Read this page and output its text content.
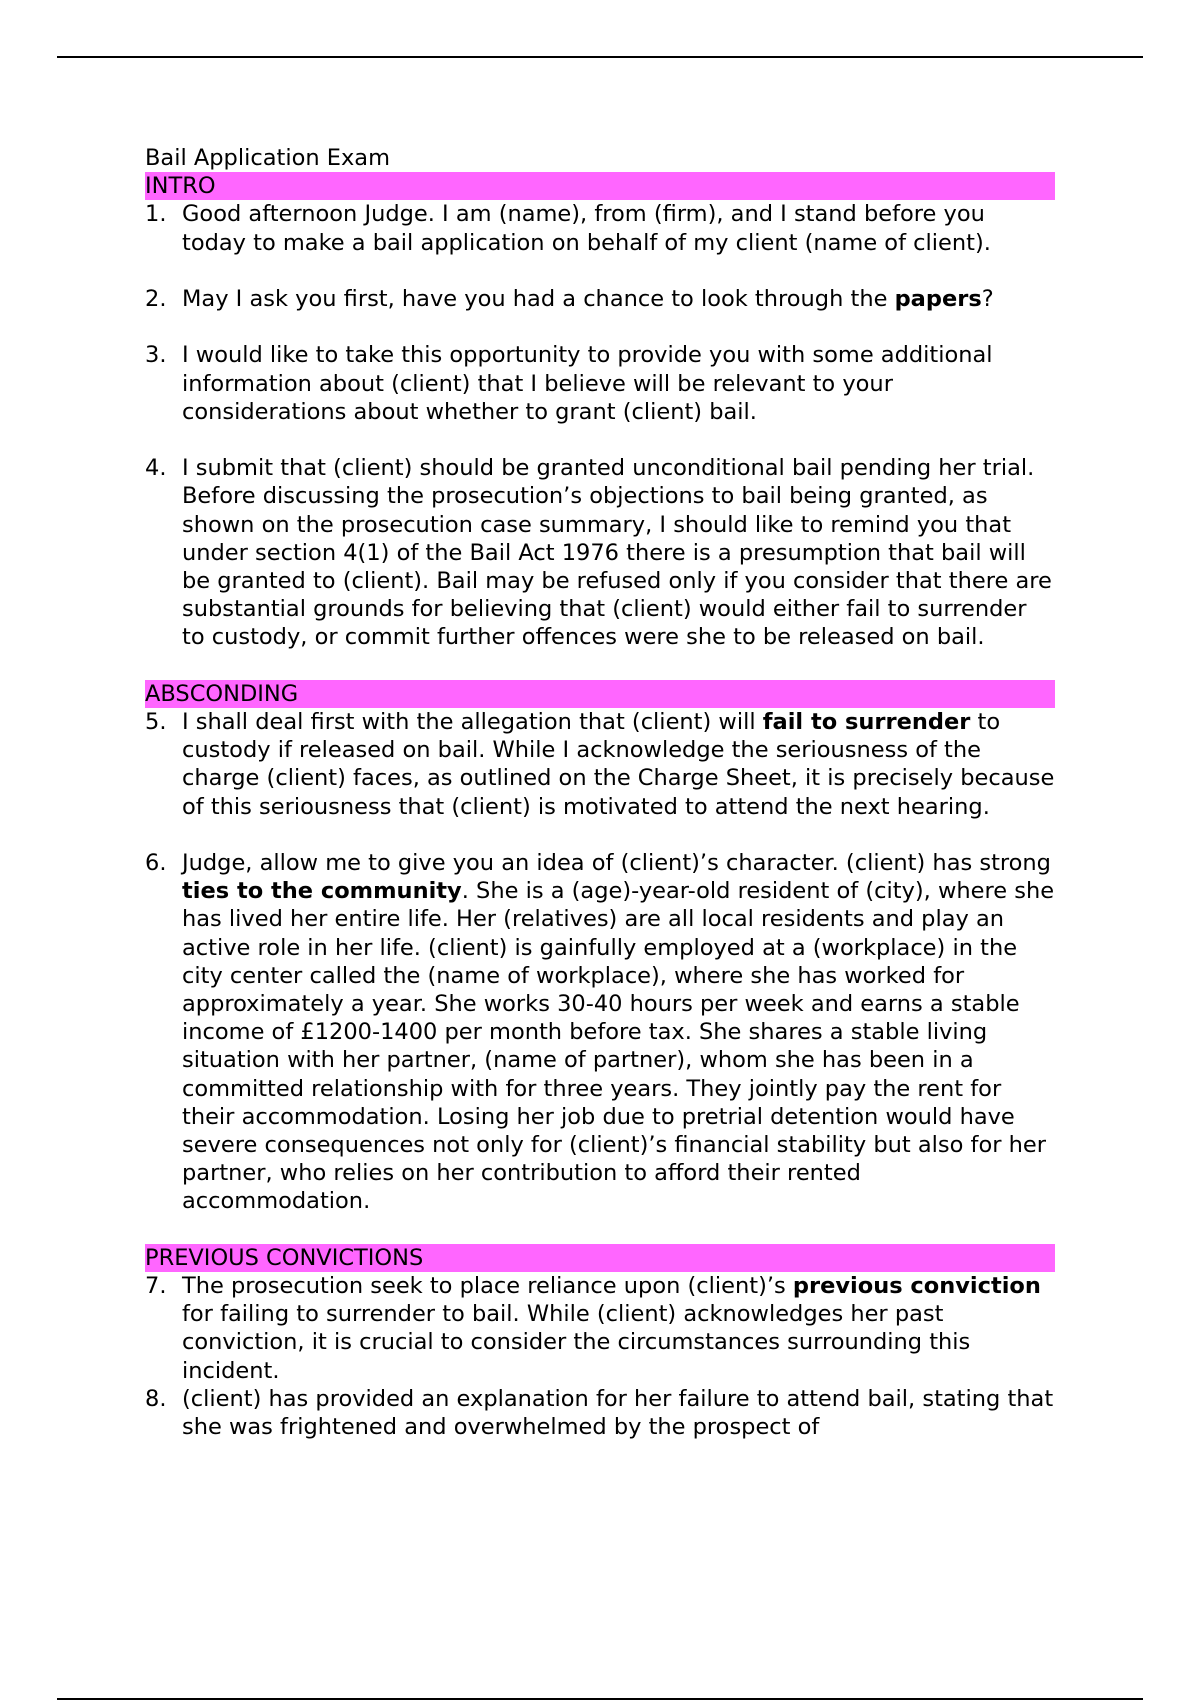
Bail Application Exam
INTRO

1. Good afternoon Judge. I am (name), from (firm), and I stand before you today to make a bail application on behalf of my client (name of client).

2. May I ask you first, have you had a chance to look through the papers?

3. I would like to take this opportunity to provide you with some additional information about (client) that I believe will be relevant to your considerations about whether to grant (client) bail.

4. I submit that (client) should be granted unconditional bail pending her trial. Before discussing the prosecution’s objections to bail being granted, as shown on the prosecution case summary, I should like to remind you that under section 4(1) of the Bail Act 1976 there is a presumption that bail will be granted to (client). Bail may be refused only if you consider that there are substantial grounds for believing that (client) would either fail to surrender to custody, or commit further offences were she to be released on bail.

ABSCONDING

5. I shall deal first with the allegation that (client) will fail to surrender to custody if released on bail. While I acknowledge the seriousness of the charge (client) faces, as outlined on the Charge Sheet, it is precisely because of this seriousness that (client) is motivated to attend the next hearing.

6. Judge, allow me to give you an idea of (client)’s character. (client) has strong ties to the community. She is a (age)-year-old resident of (city), where she has lived her entire life. Her (relatives) are all local residents and play an active role in her life. (client) is gainfully employed at a (workplace) in the city center called the (name of workplace), where she has worked for approximately a year. She works 30-40 hours per week and earns a stable income of £1200-1400 per month before tax. She shares a stable living situation with her partner, (name of partner), whom she has been in a committed relationship with for three years. They jointly pay the rent for their accommodation. Losing her job due to pretrial detention would have severe consequences not only for (client)’s financial stability but also for her partner, who relies on her contribution to afford their rented accommodation.

PREVIOUS CONVICTIONS

7. The prosecution seek to place reliance upon (client)’s previous conviction for failing to surrender to bail. While (client) acknowledges her past conviction, it is crucial to consider the circumstances surrounding this incident.

8. (client) has provided an explanation for her failure to attend bail, stating that she was frightened and overwhelmed by the prospect of
